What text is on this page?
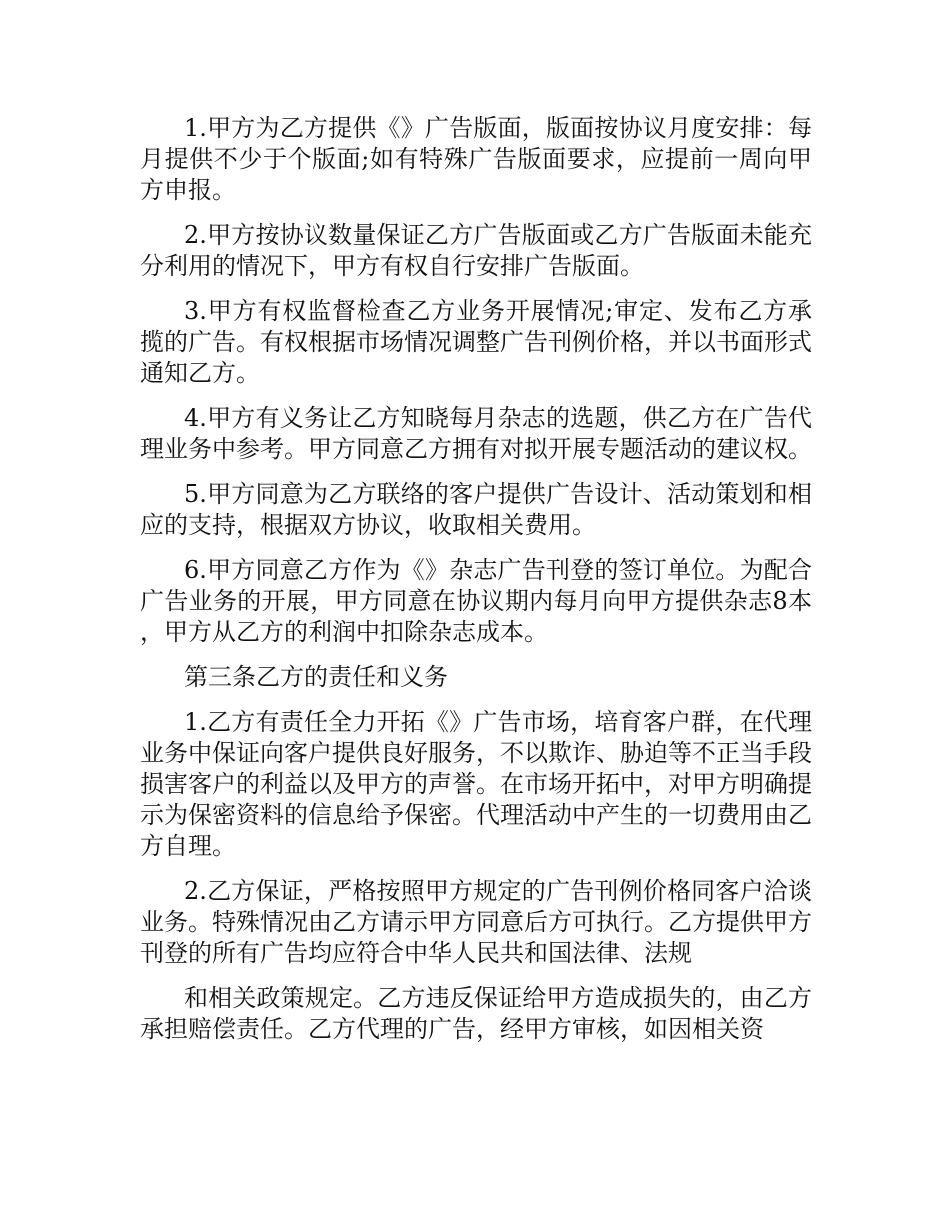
1.甲方为乙方提供《》广告版面，版面按协议月度安排：每月提供不少于个版面;如有特殊广告版面要求，应提前一周向甲方申报。

2.甲方按协议数量保证乙方广告版面或乙方广告版面未能充分利用的情况下，甲方有权自行安排广告版面。

3.甲方有权监督检查乙方业务开展情况;审定、发布乙方承揽的广告。有权根据市场情况调整广告刊例价格，并以书面形式通知乙方。

4.甲方有义务让乙方知晓每月杂志的选题，供乙方在广告代理业务中参考。甲方同意乙方拥有对拟开展专题活动的建议权。

5.甲方同意为乙方联络的客户提供广告设计、活动策划和相应的支持，根据双方协议，收取相关费用。

6.甲方同意乙方作为《》杂志广告刊登的签订单位。为配合广告业务的开展，甲方同意在协议期内每月向甲方提供杂志8本，甲方从乙方的利润中扣除杂志成本。

第三条乙方的责任和义务

1.乙方有责任全力开拓《》广告市场，培育客户群，在代理业务中保证向客户提供良好服务，不以欺诈、胁迫等不正当手段损害客户的利益以及甲方的声誉。在市场开拓中，对甲方明确提示为保密资料的信息给予保密。代理活动中产生的一切费用由乙方自理。

2.乙方保证，严格按照甲方规定的广告刊例价格同客户洽谈业务。特殊情况由乙方请示甲方同意后方可执行。乙方提供甲方刊登的所有广告均应符合中华人民共和国法律、法规

和相关政策规定。乙方违反保证给甲方造成损失的，由乙方承担赔偿责任。乙方代理的广告，经甲方审核，如因相关资
